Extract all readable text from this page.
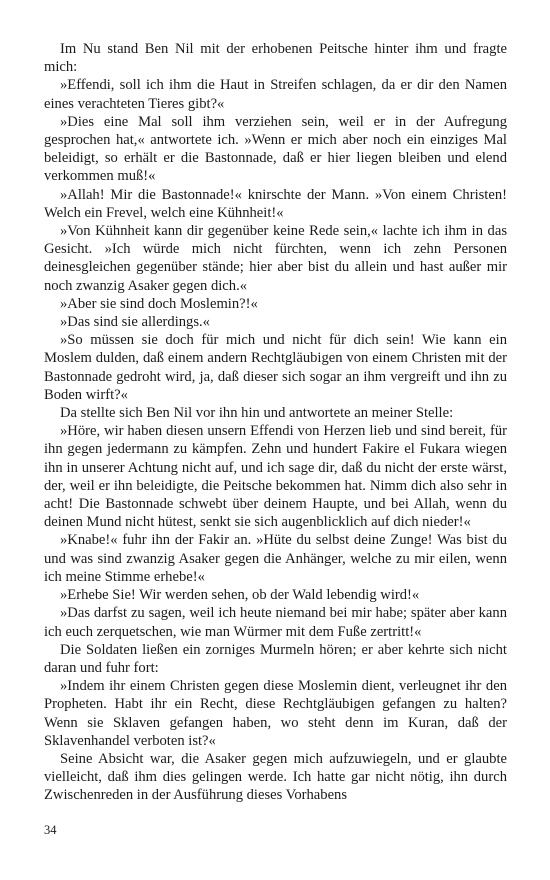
Im Nu stand Ben Nil mit der erhobenen Peitsche hinter ihm und fragte mich:

»Effendi, soll ich ihm die Haut in Streifen schlagen, da er dir den Namen eines verachteten Tieres gibt?«

»Dies eine Mal soll ihm verziehen sein, weil er in der Aufregung gesprochen hat,« antwortete ich. »Wenn er mich aber noch ein einziges Mal beleidigt, so erhält er die Bastonnade, daß er hier liegen bleiben und elend verkommen muß!«

»Allah! Mir die Bastonnade!« knirschte der Mann. »Von einem Christen! Welch ein Frevel, welch eine Kühnheit!«

»Von Kühnheit kann dir gegenüber keine Rede sein,« lachte ich ihm in das Gesicht. »Ich würde mich nicht fürchten, wenn ich zehn Personen deinesgleichen gegenüber stände; hier aber bist du allein und hast außer mir noch zwanzig Asaker gegen dich.«

»Aber sie sind doch Moslemin?!«

»Das sind sie allerdings.«

»So müssen sie doch für mich und nicht für dich sein! Wie kann ein Moslem dulden, daß einem andern Rechtgläubigen von einem Christen mit der Bastonnade gedroht wird, ja, daß dieser sich sogar an ihm vergreift und ihn zu Boden wirft?«

Da stellte sich Ben Nil vor ihn hin und antwortete an meiner Stelle:

»Höre, wir haben diesen unsern Effendi von Herzen lieb und sind bereit, für ihn gegen jedermann zu kämpfen. Zehn und hundert Fakire el Fukara wiegen ihn in unserer Achtung nicht auf, und ich sage dir, daß du nicht der erste wärst, der, weil er ihn beleidigte, die Peitsche bekommen hat. Nimm dich also sehr in acht! Die Bastonnade schwebt über deinem Haupte, und bei Allah, wenn du deinen Mund nicht hütest, senkt sie sich augenblicklich auf dich nieder!«

»Knabe!« fuhr ihn der Fakir an. »Hüte du selbst deine Zunge! Was bist du und was sind zwanzig Asaker gegen die Anhänger, welche zu mir eilen, wenn ich meine Stimme erhebe!«

»Erhebe Sie! Wir werden sehen, ob der Wald lebendig wird!«

»Das darfst zu sagen, weil ich heute niemand bei mir habe; später aber kann ich euch zerquetschen, wie man Würmer mit dem Fuße zertritt!«

Die Soldaten ließen ein zorniges Murmeln hören; er aber kehrte sich nicht daran und fuhr fort:

»Indem ihr einem Christen gegen diese Moslemin dient, verleugnet ihr den Propheten. Habt ihr ein Recht, diese Rechtgläubigen gefangen zu halten? Wenn sie Sklaven gefangen haben, wo steht denn im Kuran, daß der Sklavenhandel verboten ist?«

Seine Absicht war, die Asaker gegen mich aufzuwiegeln, und er glaubte vielleicht, daß ihm dies gelingen werde. Ich hatte gar nicht nötig, ihn durch Zwischenreden in der Ausführung dieses Vorhabens

34
